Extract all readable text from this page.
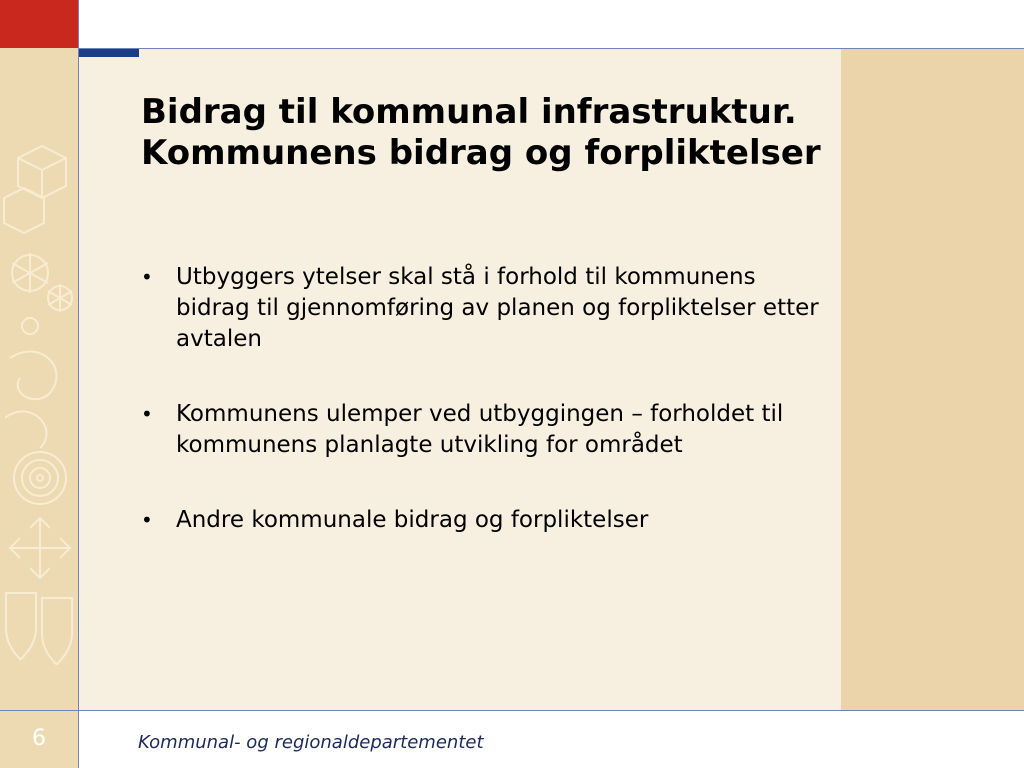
Bidrag til kommunal infrastruktur. Kommunens bidrag og forpliktelser
• Utbyggers ytelser skal stå i forhold til kommunens bidrag til gjennomføring av planen og forpliktelser etter avtalen
• Kommunens ulemper ved utbyggingen – forholdet til kommunens planlagte utvikling for området
• Andre kommunale bidrag og forpliktelser
6	Kommunal- og regionaldepartementet
